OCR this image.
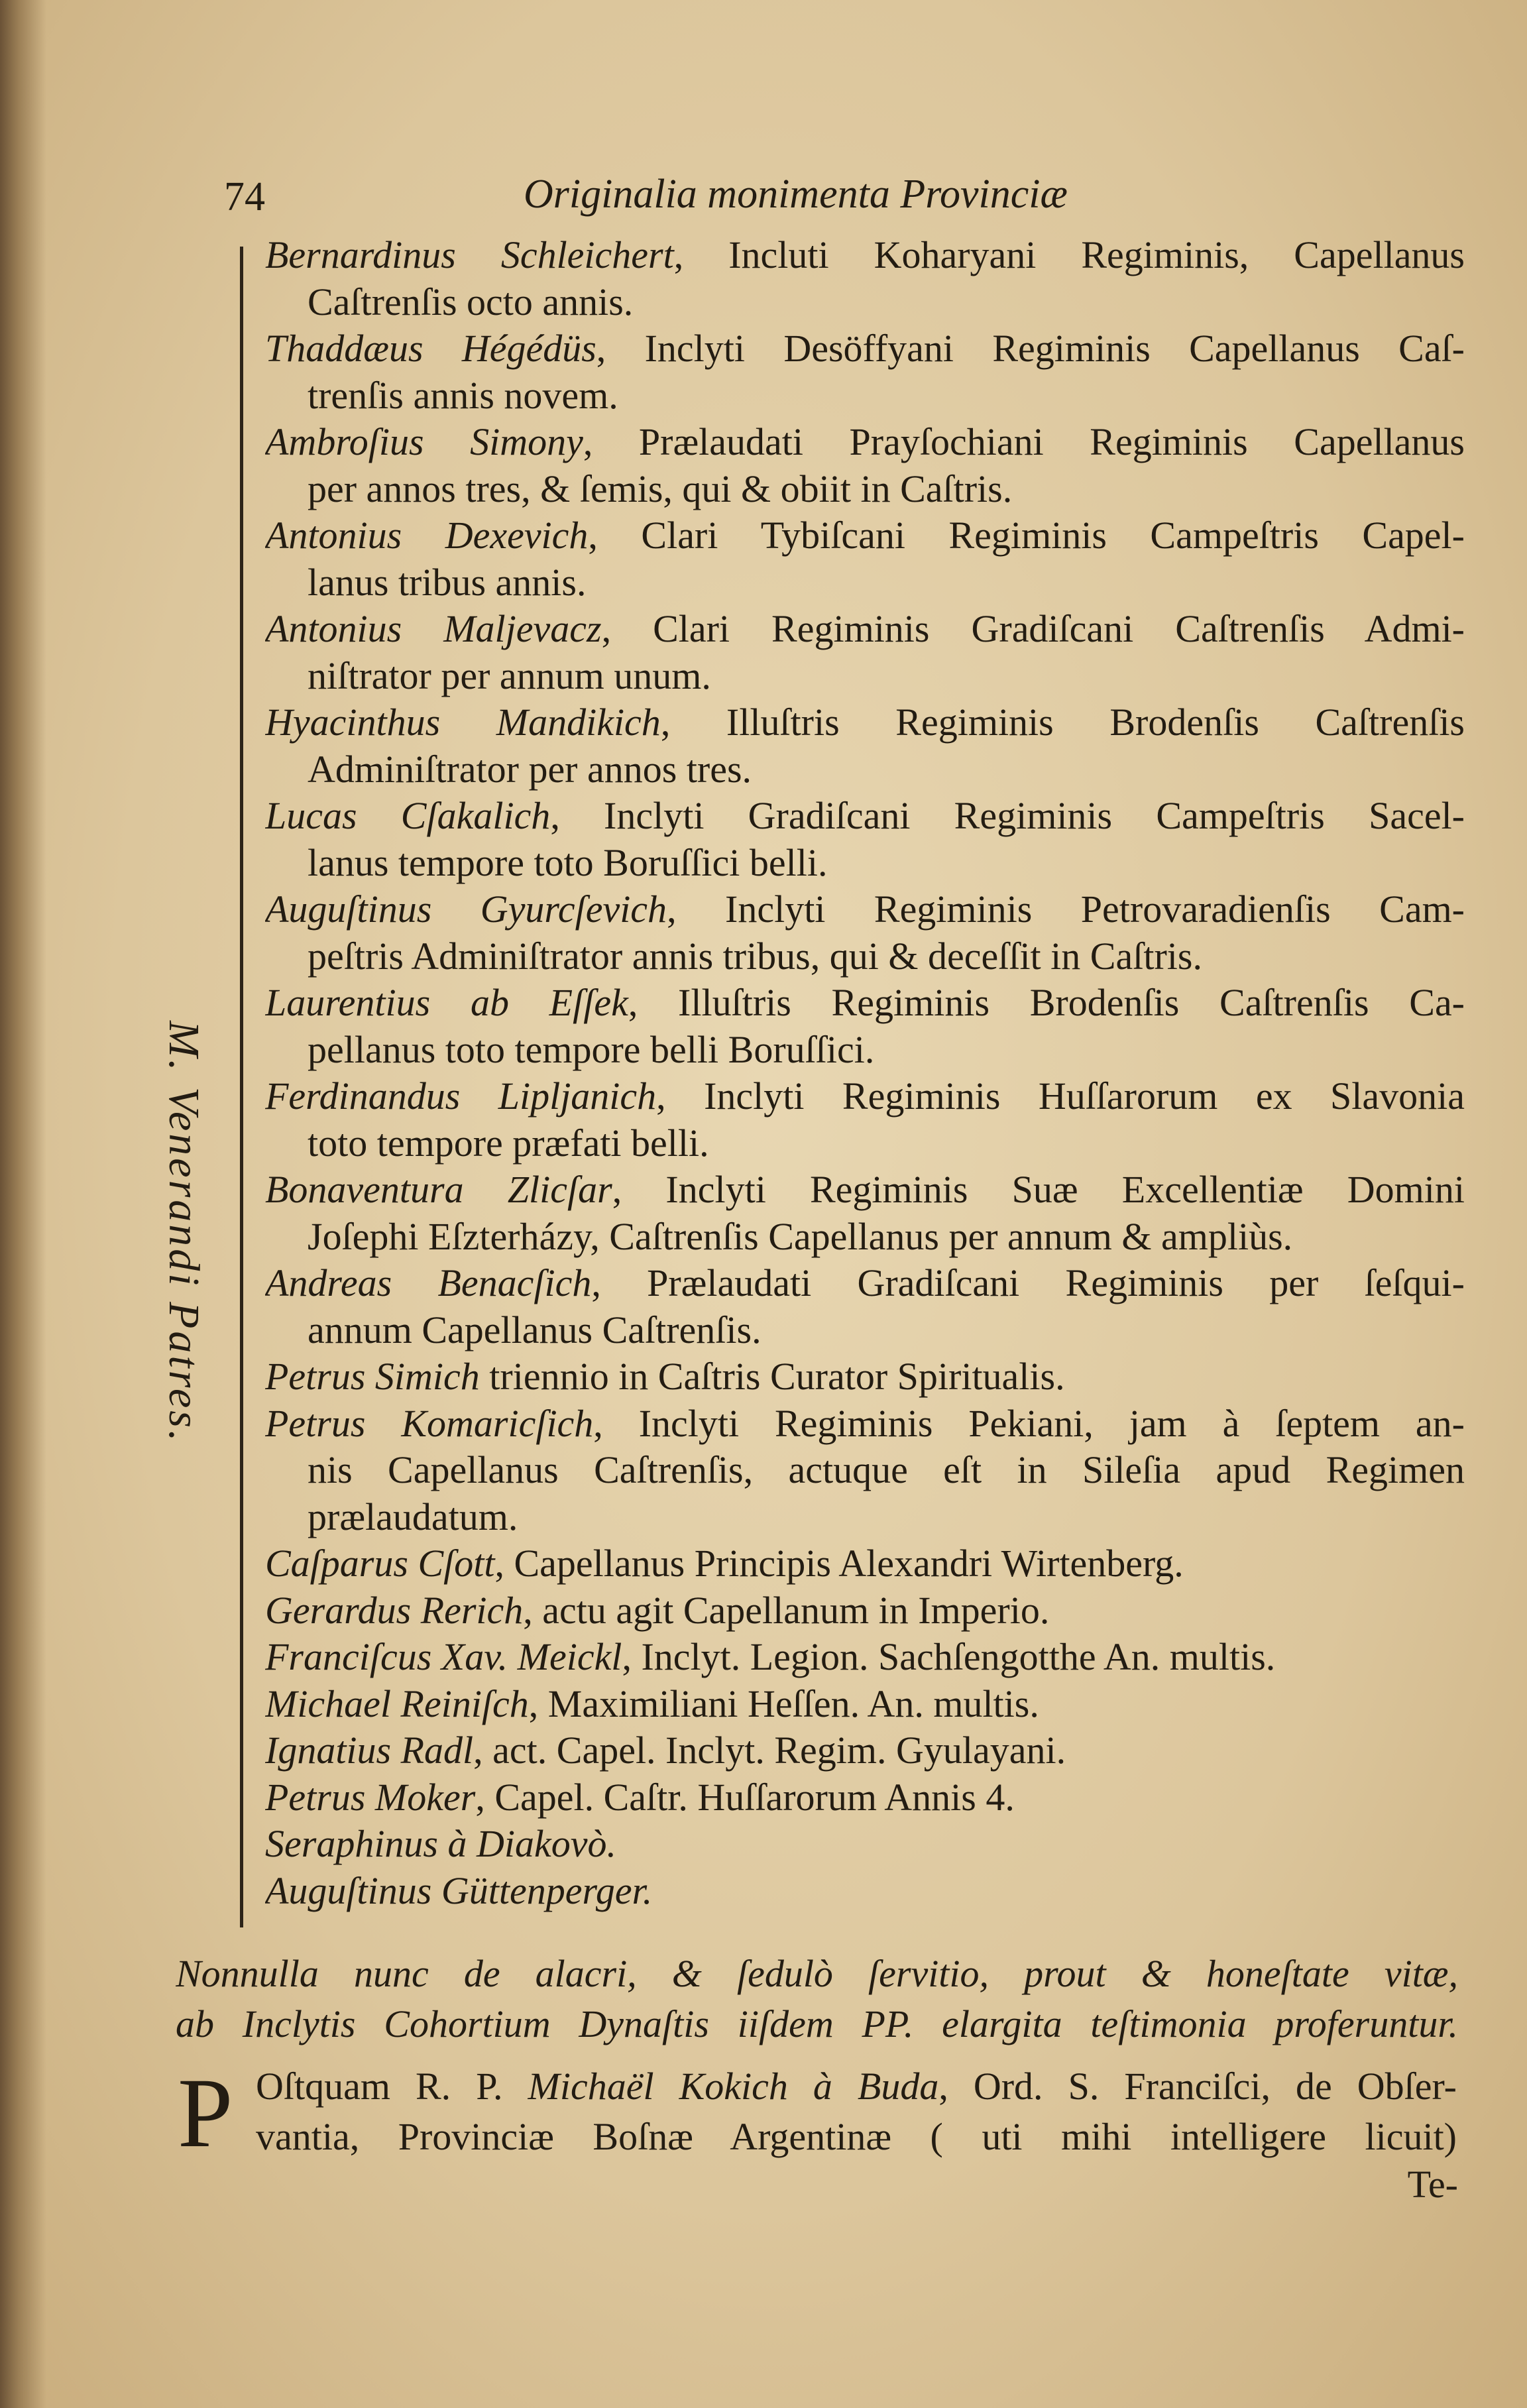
74	Originalia monimenta Provinciæ
M. Venerandi Patres.
Bernardinus Schleichert, Incluti Koharyani Regiminis, Capellanus
Caſtrenſis octo annis.
Thaddæus Hégédüs, Inclyti Desöffyani Regiminis Capellanus Caſ-
trenſis annis novem.
Ambroſius Simony, Prælaudati Prayſochiani Regiminis Capellanus
per annos tres, & ſemis, qui & obiit in Caſtris.
Antonius Dexevich, Clari Tybiſcani Regiminis Campeſtris Capel-
lanus tribus annis.
Antonius Maljevacz, Clari Regiminis Gradiſcani Caſtrenſis Admi-
niſtrator per annum unum.
Hyacinthus Mandikich, Illuſtris Regiminis Brodenſis Caſtrenſis
Adminiſtrator per annos tres.
Lucas Cſakalich, Inclyti Gradiſcani Regiminis Campeſtris Sacel-
lanus tempore toto Boruſſici belli.
Auguſtinus Gyurcſevich, Inclyti Regiminis Petrovaradienſis Cam-
peſtris Adminiſtrator annis tribus, qui & deceſſit in Caſtris.
Laurentius ab Eſſek, Illuſtris Regiminis Brodenſis Caſtrenſis Ca-
pellanus toto tempore belli Boruſſici.
Ferdinandus Lipljanich, Inclyti Regiminis Huſſarorum ex Slavonia
toto tempore præfati belli.
Bonaventura Zlicſar, Inclyti Regiminis Suæ Excellentiæ Domini
Joſephi Eſzterházy, Caſtrenſis Capellanus per annum & ampliùs.
Andreas Benacſich, Prælaudati Gradiſcani Regiminis per ſeſqui-
annum Capellanus Caſtrenſis.
Petrus Simich triennio in Caſtris Curator Spiritualis.
Petrus Komaricſich, Inclyti Regiminis Pekiani, jam à ſeptem an-
nis Capellanus Caſtrenſis, actuque eſt in Sileſia apud Regimen
prælaudatum.
Caſparus Cſott, Capellanus Principis Alexandri Wirtenberg.
Gerardus Rerich, actu agit Capellanum in Imperio.
Franciſcus Xav. Meickl, Inclyt. Legion. Sachſengotthe An. multis.
Michael Reiniſch, Maximiliani Heſſen. An. multis.
Ignatius Radl, act. Capel. Inclyt. Regim. Gyulayani.
Petrus Moker, Capel. Caſtr. Huſſarorum Annis 4.
Seraphinus à Diakovò.
Auguſtinus Güttenperger.
Nonnulla nunc de alacri, & ſedulò ſervitio, prout & honeſtate vitæ,
ab Inclytis Cohortium Dynaſtis iiſdem PP. elargita teſtimonia proferuntur.
P Oſtquam R. P. Michaël Kokich à Buda, Ord. S. Franciſci, de Obſer-
vantia, Provinciæ Boſnæ Argentinæ ( uti mihi intelligere licuit)
Te-
